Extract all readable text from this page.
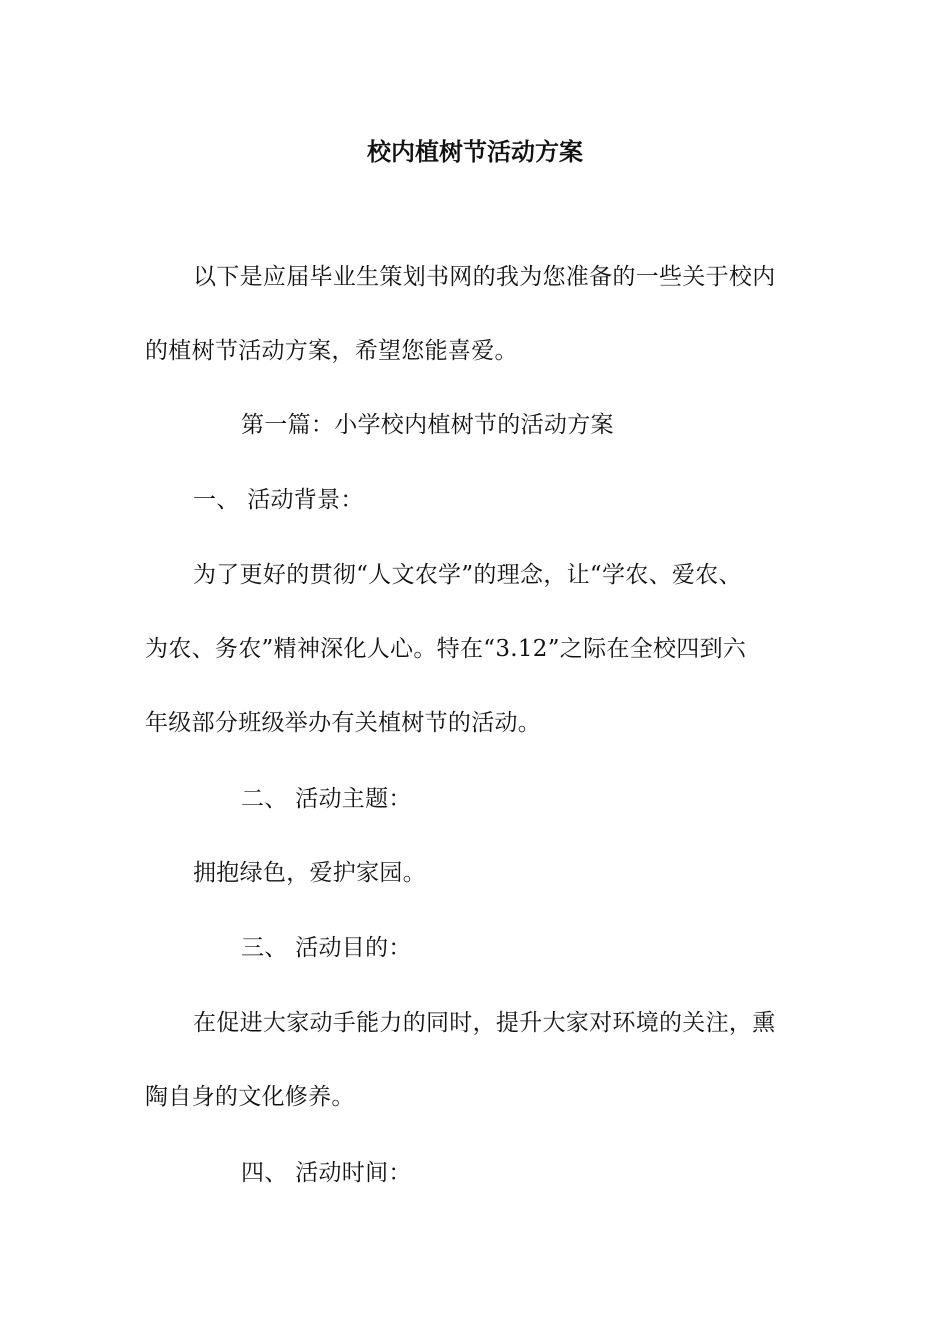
校内植树节活动方案
以下是应届毕业生策划书网的我为您准备的一些关于校内
的植树节活动方案，希望您能喜爱。
第一篇：小学校内植树节的活动方案
一、 活动背景：
为了更好的贯彻“人文农学”的理念，让“学农、爱农、
为农、务农”精神深化人心。特在“3.12”之际在全校四到六
年级部分班级举办有关植树节的活动。
二、 活动主题：
拥抱绿色，爱护家园。
三、 活动目的：
在促进大家动手能力的同时，提升大家对环境的关注，熏
陶自身的文化修养。
四、 活动时间：
